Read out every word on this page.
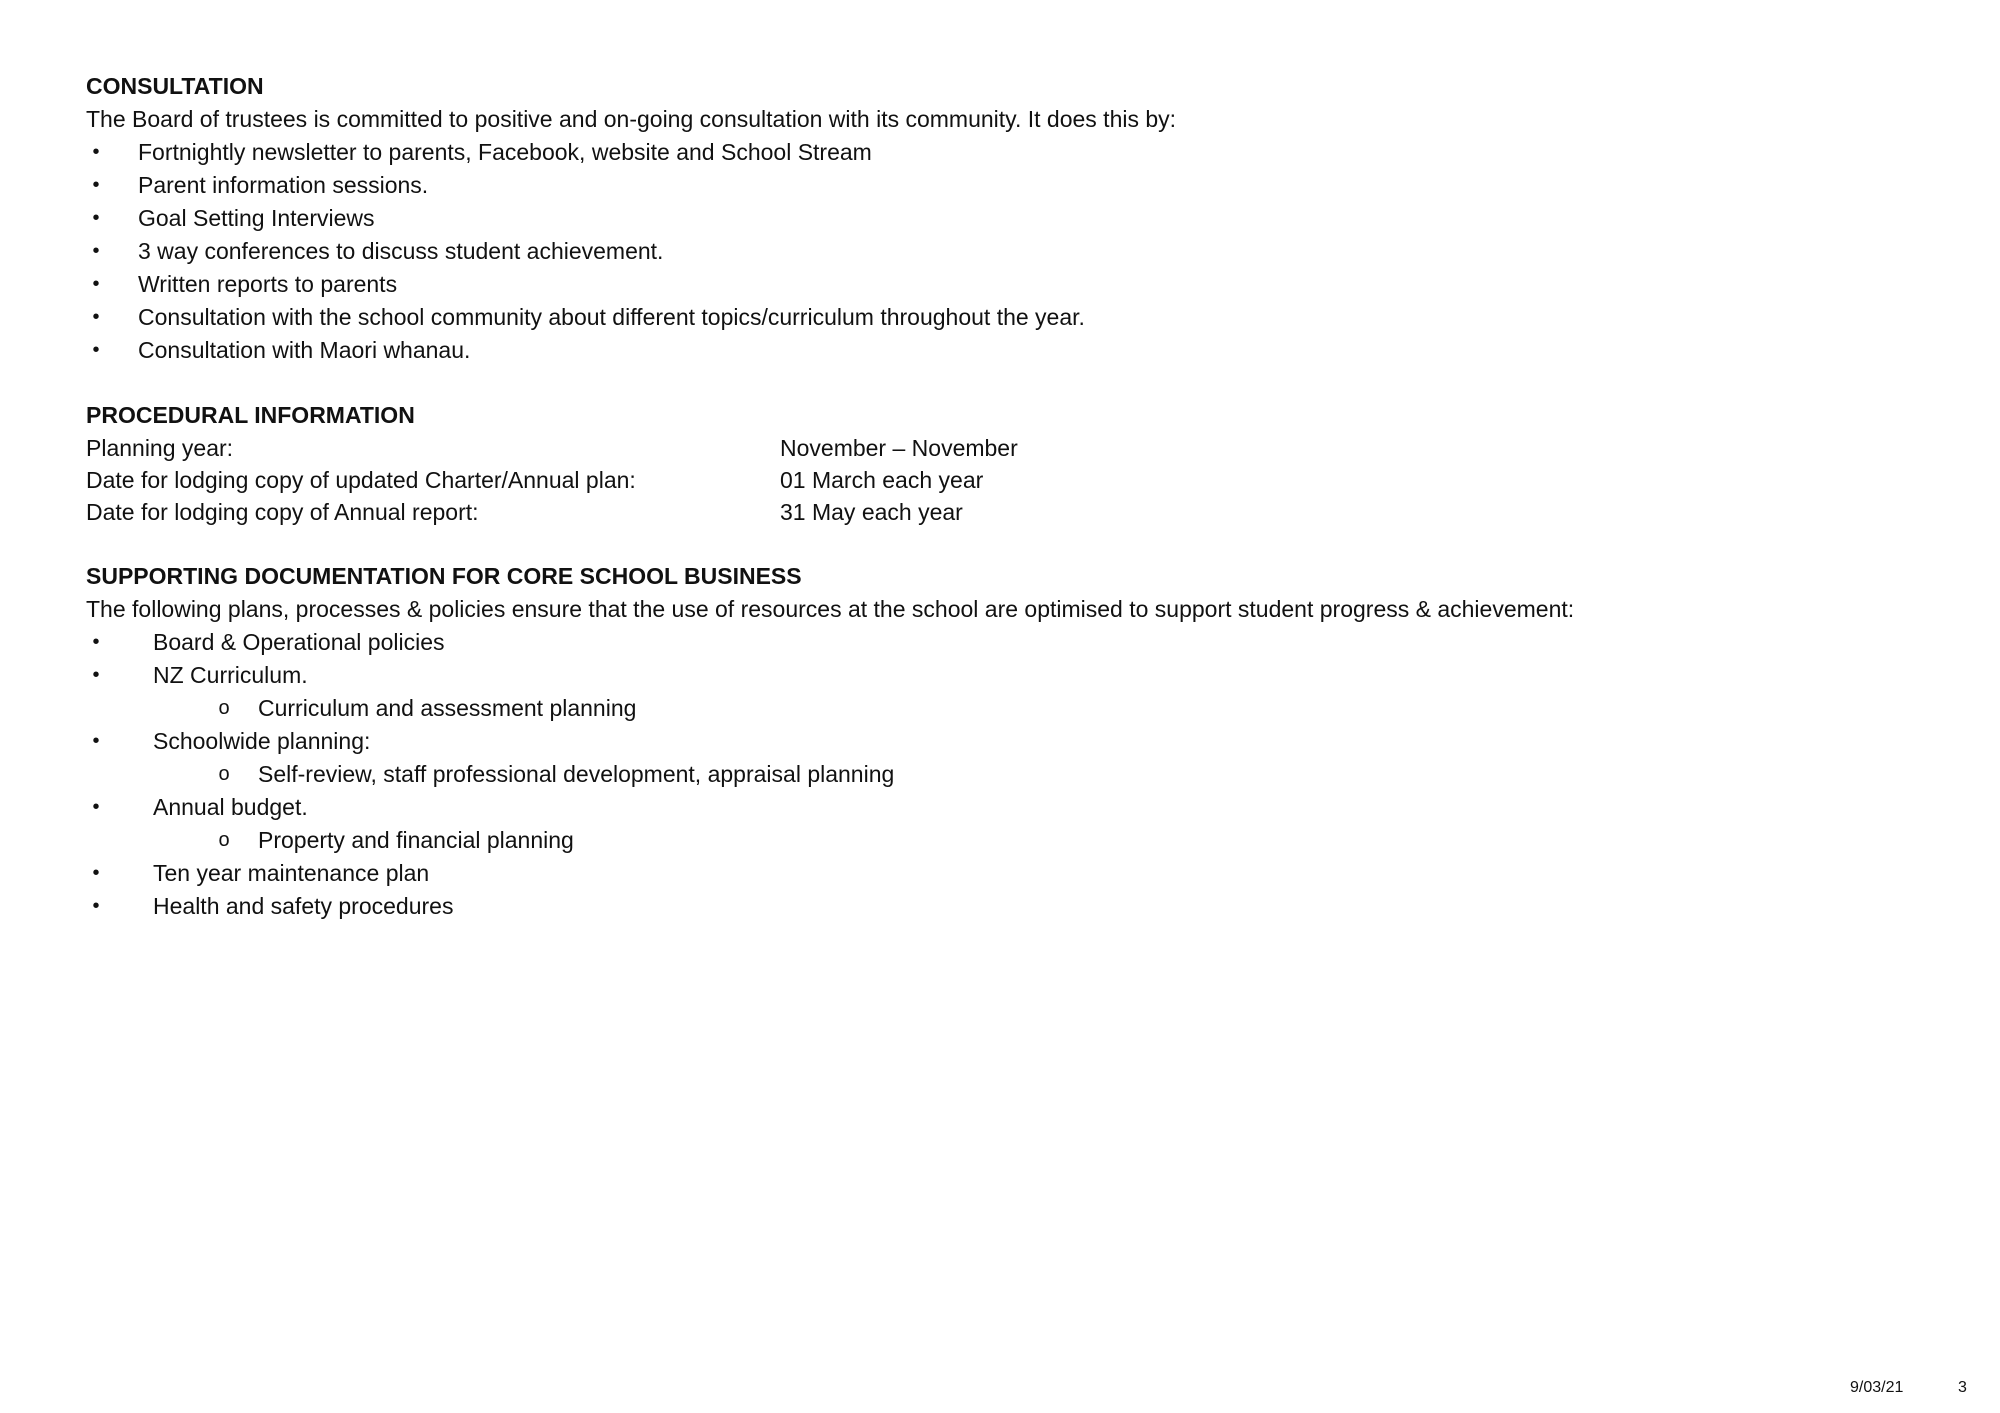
CONSULTATION
The Board of trustees is committed to positive and on-going consultation with its community. It does this by:
• Fortnightly newsletter to parents, Facebook, website and School Stream
• Parent information sessions.
• Goal Setting Interviews
• 3 way conferences to discuss student achievement.
• Written reports to parents
• Consultation with the school community about different topics/curriculum throughout the year.
• Consultation with Maori whanau.
PROCEDURAL INFORMATION
Planning year:	November – November
Date for lodging copy of updated Charter/Annual plan:	01 March each year
Date for lodging copy of Annual report:	31 May each year
SUPPORTING DOCUMENTATION FOR CORE SCHOOL BUSINESS
The following plans, processes & policies ensure that the use of resources at the school are optimised to support student progress & achievement:
• Board & Operational policies
• NZ Curriculum.
o Curriculum and assessment planning
• Schoolwide planning:
o Self-review, staff professional development, appraisal planning
• Annual budget.
o Property and financial planning
• Ten year maintenance plan
• Health and safety procedures
9/03/21	3
